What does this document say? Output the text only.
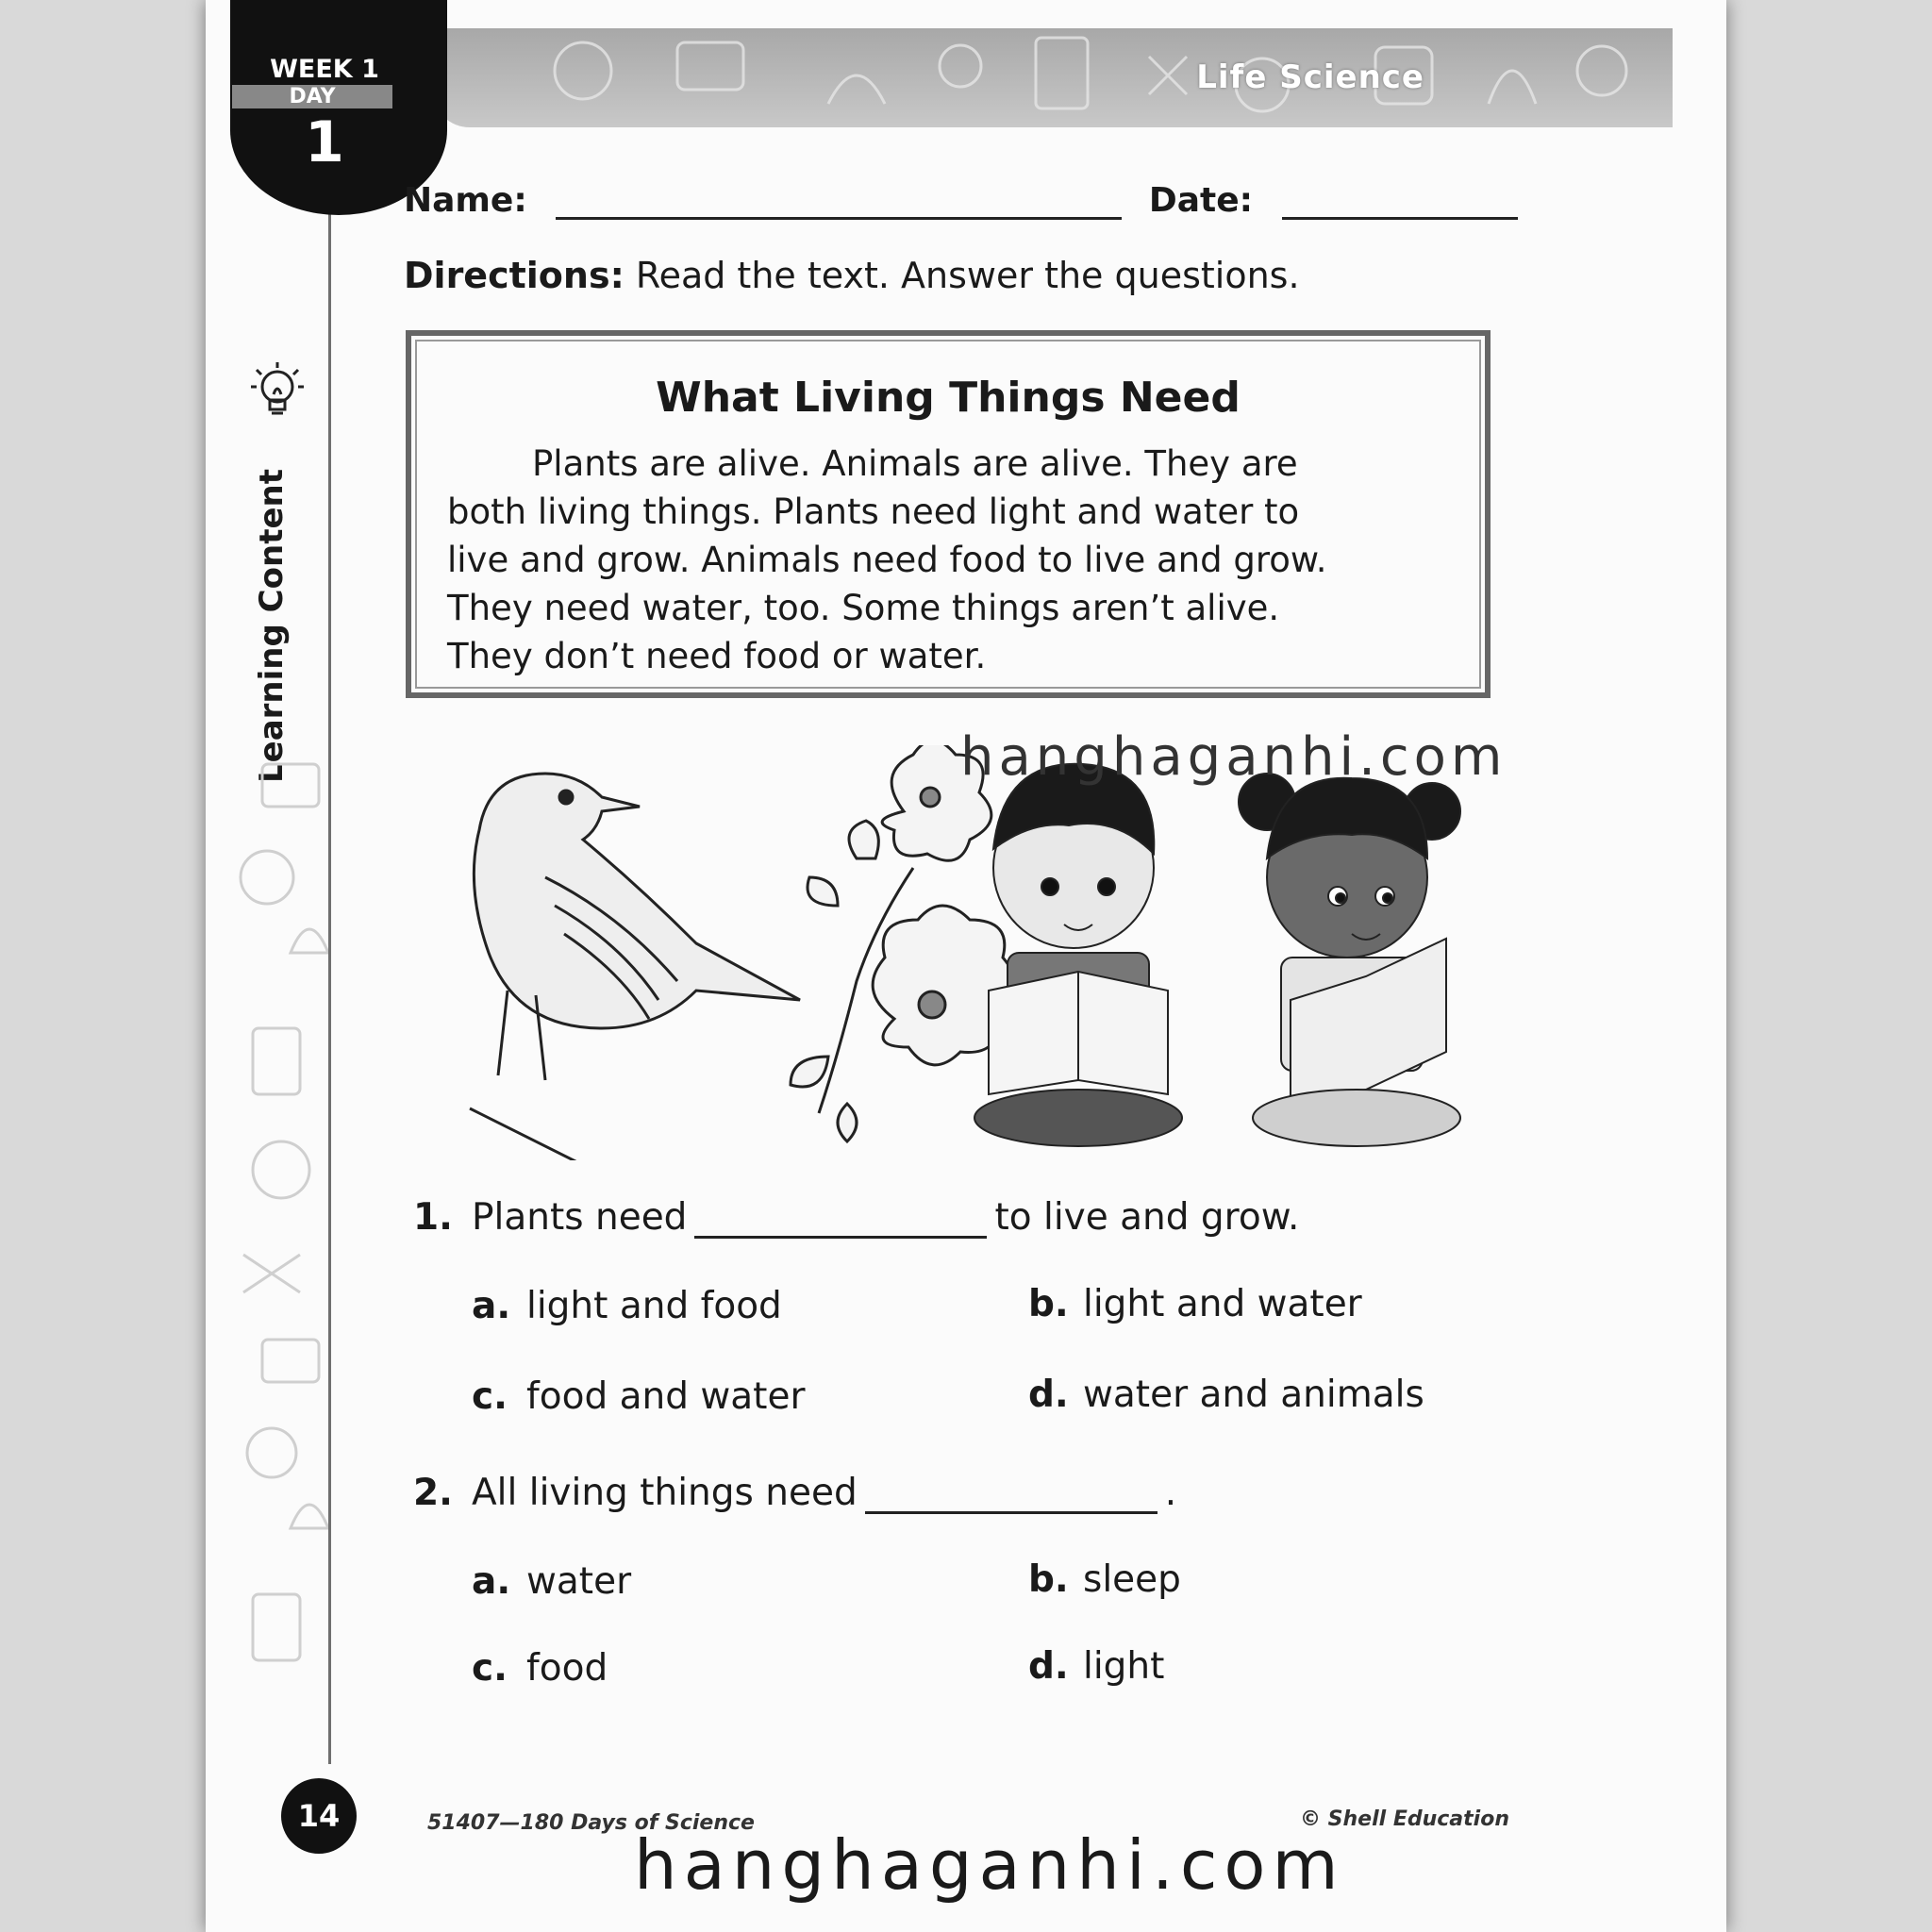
Life Science
WEEK 1
DAY
1
Name:	Date:
Directions: Read the text. Answer the questions.
Learning Content
What Living Things Need
Plants are alive. Animals are alive. They are
both living things. Plants need light and water to
live and grow. Animals need food to live and grow.
They need water, too. Some things aren’t alive.
They don’t need food or water.
1. Plants need	to live and grow.
a. light and food	b. light and water
c. food and water	d. water and animals
2. All living things need	.
a. water	b. sleep
c. food	d. light
14	51407—180 Days of Science	© Shell Education
hanghaganhi.com
hanghaganhi.com
